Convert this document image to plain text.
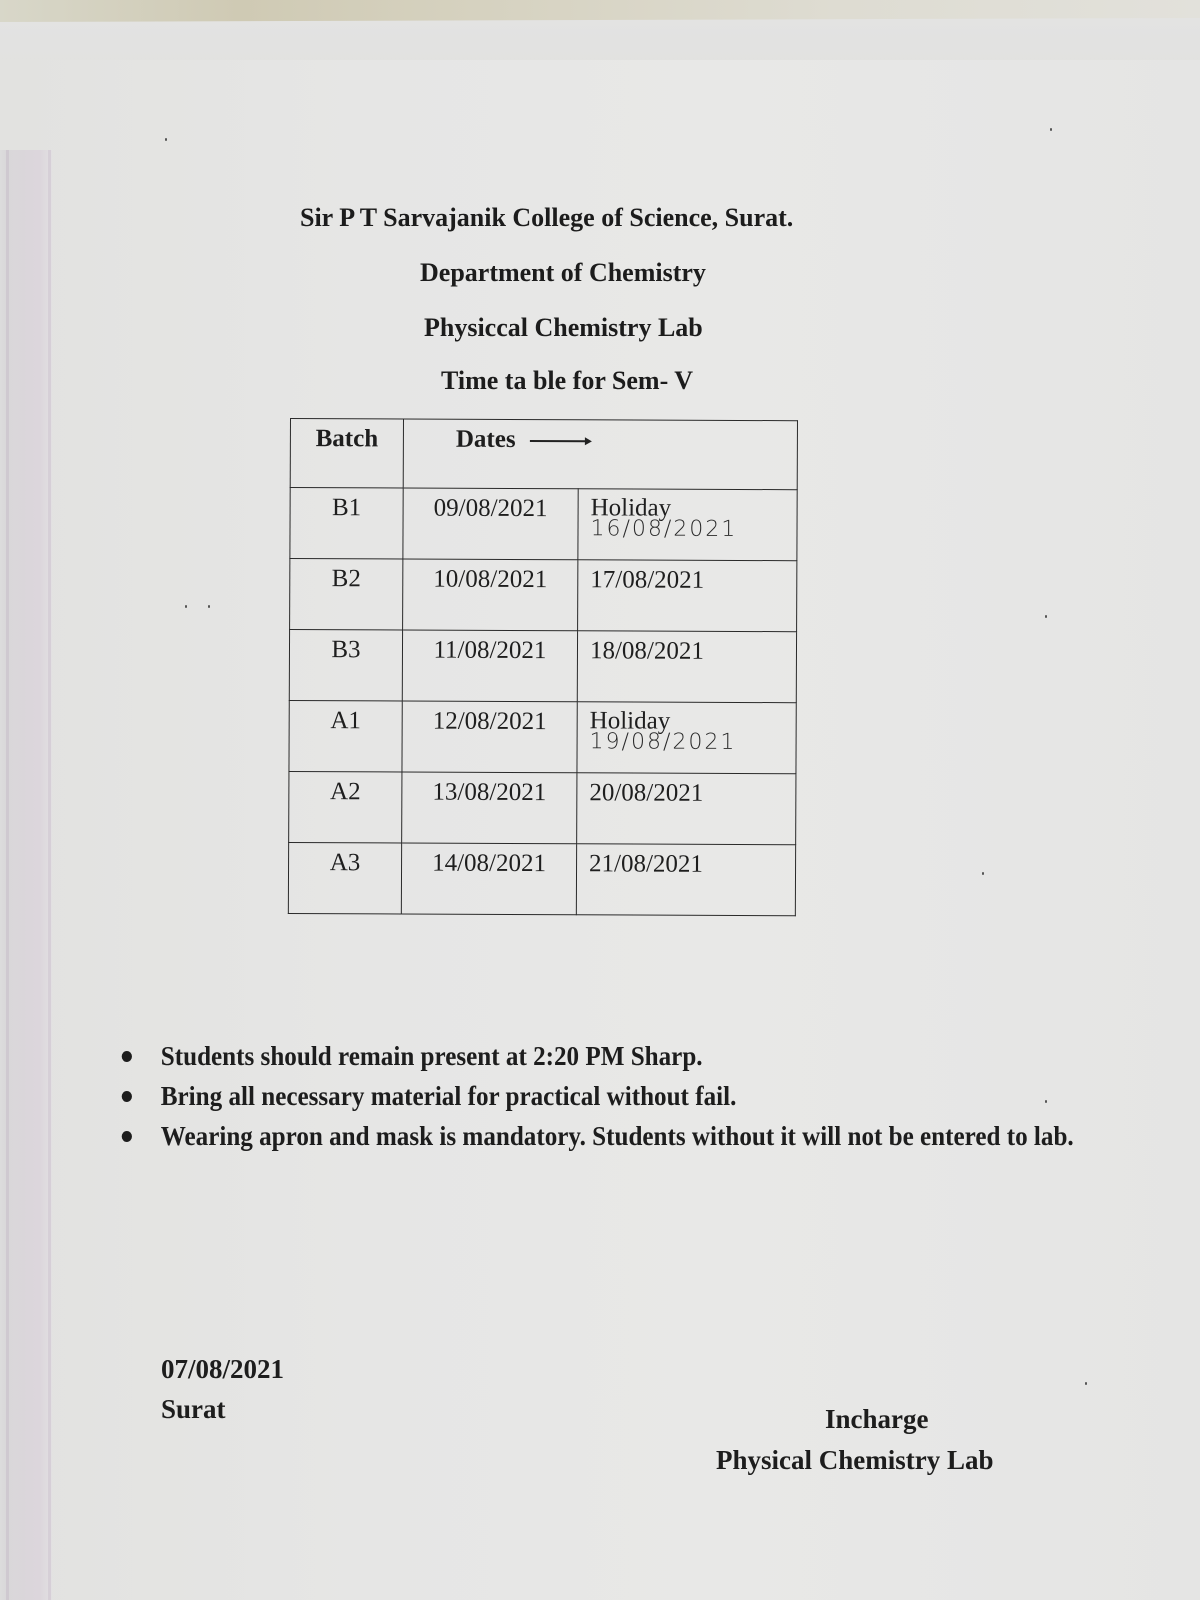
Sir P T Sarvajanik College of Science, Surat.
Department of Chemistry
Physiccal Chemistry Lab
Time ta ble for Sem- V
Batch	Dates	
B1	09/08/2021	Holiday
16/08/2021

B2	10/08/2021	17/08/2021
B3	11/08/2021	18/08/2021
A1	12/08/2021	Holiday
19/08/2021

A2	13/08/2021	20/08/2021
A3	14/08/2021	21/08/2021
Students should remain present at 2:20 PM Sharp.
Bring all necessary material for practical without fail.
Wearing apron and mask is mandatory. Students without it will not be entered to lab.
07/08/2021
Surat	Incharge
Physical Chemistry Lab
